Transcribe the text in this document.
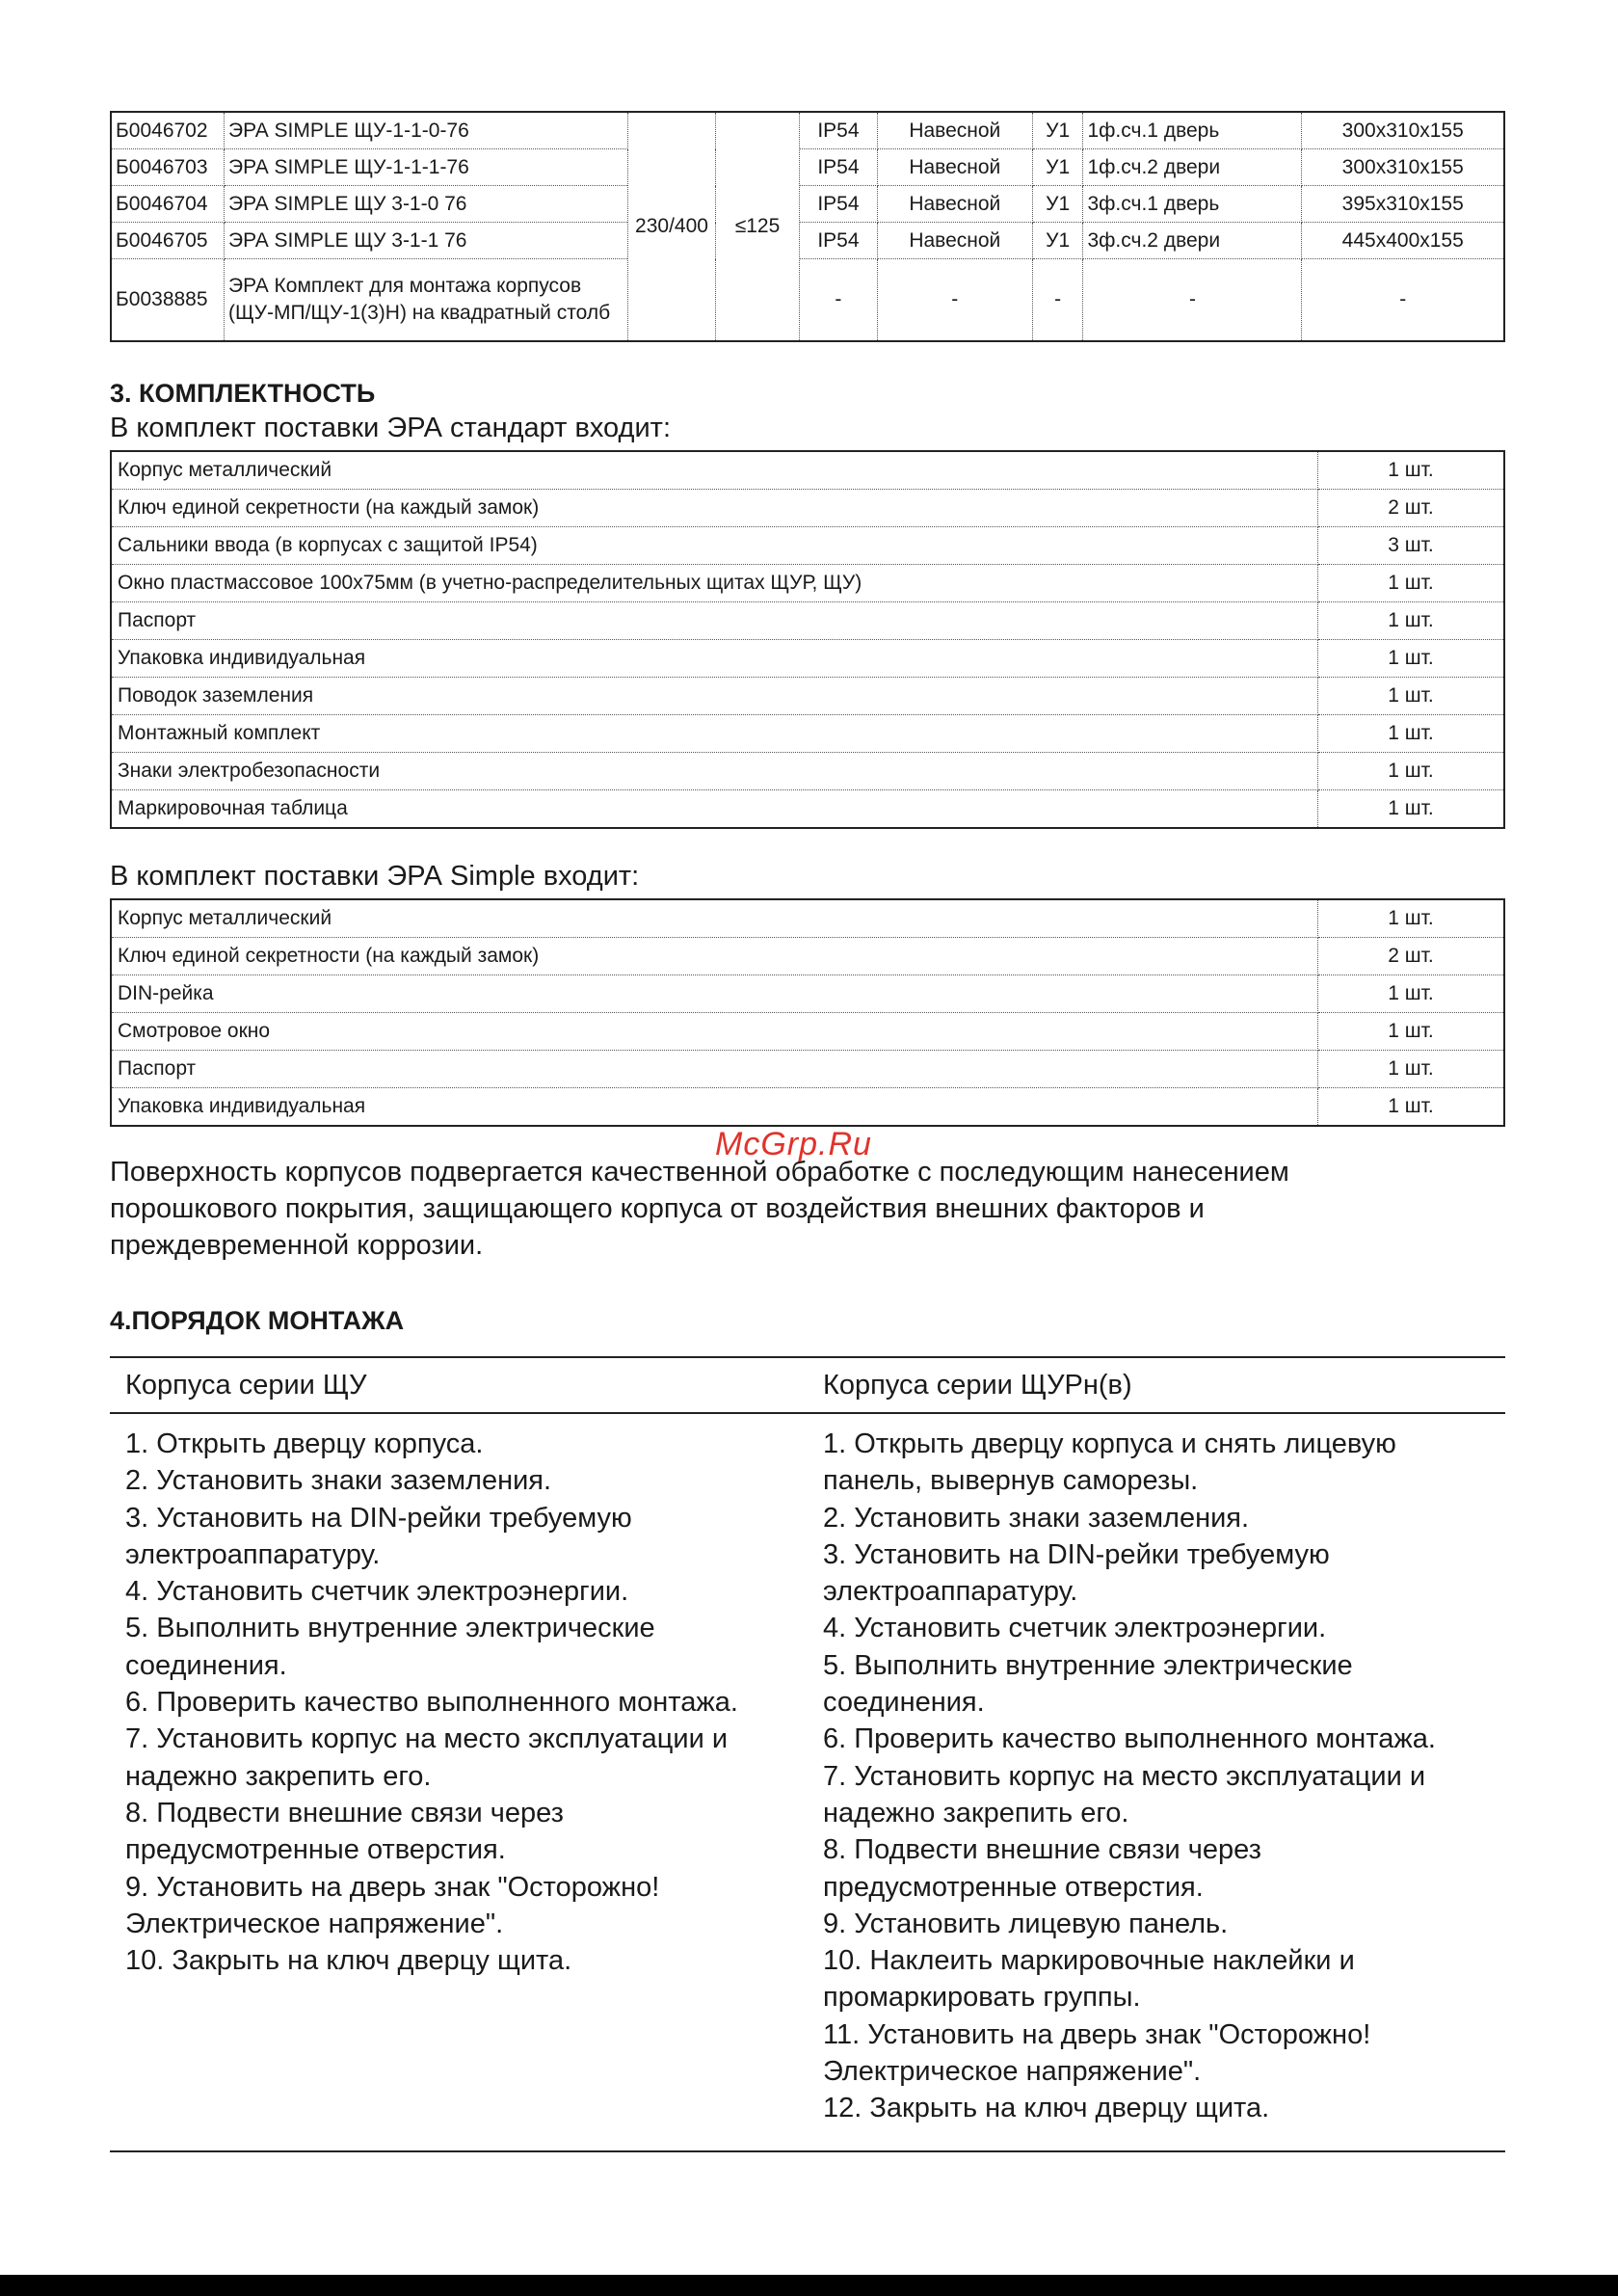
Б0046702	ЭРА SIMPLE ЩУ-1-1-0-76	230/400	≤125	IP54	Навесной	У1	1ф.сч.1 дверь	300x310x155
Б0046703	ЭРА SIMPLE ЩУ-1-1-1-76			IP54	Навесной	У1	1ф.сч.2 двери	300x310x155
Б0046704	ЭРА SIMPLE ЩУ 3-1-0 76			IP54	Навесной	У1	3ф.сч.1 дверь	395x310x155
Б0046705	ЭРА SIMPLE ЩУ 3-1-1 76			IP54	Навесной	У1	3ф.сч.2 двери	445x400x155
Б0038885	ЭРА Комплект для монтажа корпусов (ЩУ-МП/ЩУ-1(3)Н) на квадратный столб			-	-	-	-	-
3. КОМПЛЕКТНОСТЬ

В комплект поставки ЭРА стандарт входит:

Корпус металлический	1 шт.
Ключ единой секретности (на каждый замок)	2 шт.
Сальники ввода (в корпусах с защитой IP54)	3 шт.
Окно пластмассовое 100х75мм (в учетно-распределительных щитах ЩУР, ЩУ)	1 шт.
Паспорт	1 шт.
Упаковка индивидуальная	1 шт.
Поводок заземления	1 шт.
Монтажный комплект	1 шт.
Знаки электробезопасности	1 шт.
Маркировочная таблица	1 шт.

В комплект поставки ЭРА Simple входит:

Корпус металлический	1 шт.
Ключ единой секретности (на каждый замок)	2 шт.
DIN-рейка	1 шт.
Смотровое окно	1 шт.
Паспорт	1 шт.
Упаковка индивидуальная	1 шт.

Поверхность корпусов подвергается качественной обработке с последующим нанесением порошкового покрытия, защищающего корпуса от воздействия внешних факторов и преждевременной коррозии.

4.ПОРЯДОК МОНТАЖА
Корпуса серии ЩУ	Корпуса серии ЩУРн(в)
1. Открыть дверцу корпуса.
2. Установить знаки заземления.
3. Установить на DIN-рейки требуемую электроаппаратуру.
4. Установить счетчик электроэнергии.
5. Выполнить внутренние электрические соединения.
6. Проверить качество выполненного монтажа.
7. Установить корпус на место эксплуатации и надежно закрепить его.
8. Подвести внешние связи через предусмотренные отверстия.
9. Установить на дверь знак "Осторожно! Электрическое напряжение".
10. Закрыть на ключ дверцу щита.
1. Открыть дверцу корпуса и снять лицевую панель, вывернув саморезы.
2. Установить знаки заземления.
3. Установить на DIN-рейки требуемую электроаппаратуру.
4. Установить счетчик электроэнергии.
5. Выполнить внутренние электрические соединения.
6. Проверить качество выполненного монтажа.
7. Установить корпус на место эксплуатации и надежно закрепить его.
8. Подвести внешние связи через предусмотренные отверстия.
9. Установить лицевую панель.
10. Наклеить маркировочные наклейки и промаркировать группы.
11. Установить на дверь знак "Осторожно! Электрическое напряжение".
12. Закрыть на ключ дверцу щита.
McGrp.Ru
